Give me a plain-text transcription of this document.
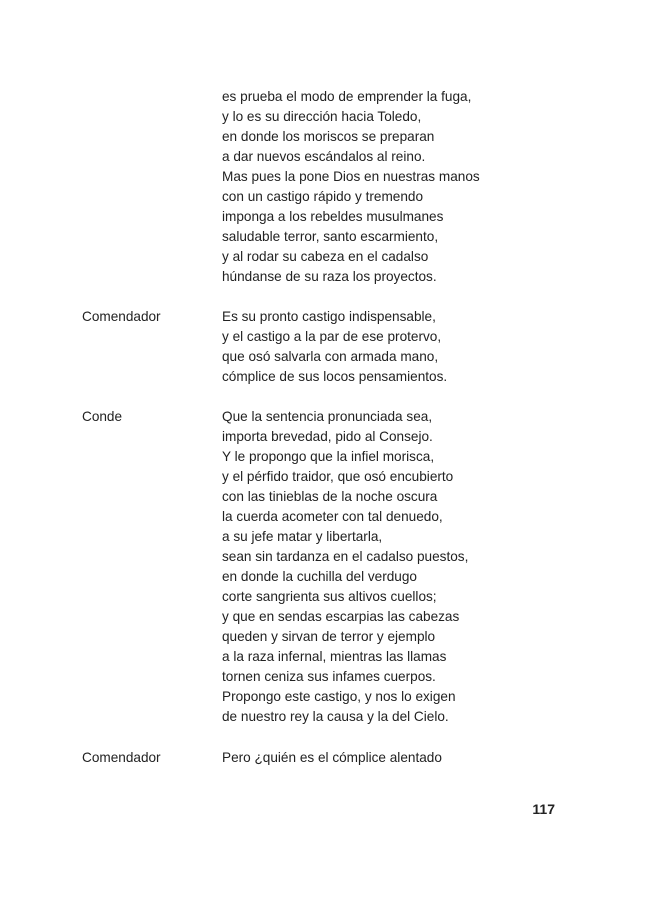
es prueba el modo de emprender la fuga,
y lo es su dirección hacia Toledo,
en donde los moriscos se preparan
a dar nuevos escándalos al reino.
Mas pues la pone Dios en nuestras manos
con un castigo rápido y tremendo
imponga a los rebeldes musulmanes
saludable terror, santo escarmiento,
y al rodar su cabeza en el cadalso
húndanse de su raza los proyectos.
Comendador	Es su pronto castigo indispensable,
y el castigo a la par de ese protervo,
que osó salvarla con armada mano,
cómplice de sus locos pensamientos.
Conde	Que la sentencia pronunciada sea,
importa brevedad, pido al Consejo.
Y le propongo que la infiel morisca,
y el pérfido traidor, que osó encubierto
con las tinieblas de la noche oscura
la cuerda acometer con tal denuedo,
a su jefe matar y libertarla,
sean sin tardanza en el cadalso puestos,
en donde la cuchilla del verdugo
corte sangrienta sus altivos cuellos;
y que en sendas escarpias las cabezas
queden y sirvan de terror y ejemplo
a la raza infernal, mientras las llamas
tornen ceniza sus infames cuerpos.
Propongo este castigo, y nos lo exigen
de nuestro rey la causa y la del Cielo.
Comendador	Pero ¿quién es el cómplice alentado
117
